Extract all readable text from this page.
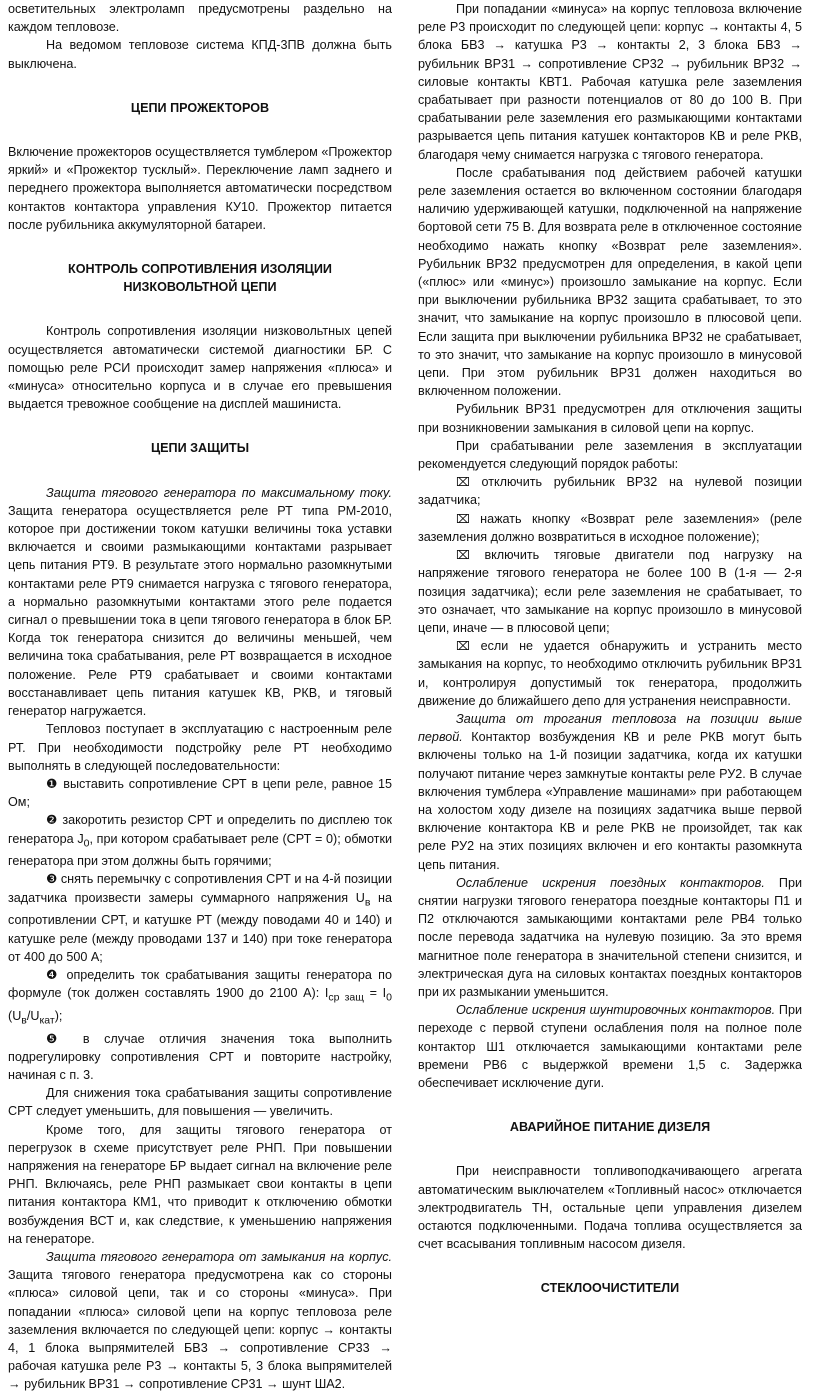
осветительных электроламп предусмотрены раздельно на каждом тепловозе.

На ведомом тепловозе система КПД-3ПВ должна быть выключена.

ЦЕПИ ПРОЖЕКТОРОВ

Включение прожекторов осуществляется тумблером «Прожектор яркий» и «Прожектор тусклый». Переключение ламп заднего и переднего прожектора выполняется автоматически посредством контактов контактора управления КУ10. Прожектор питается после рубильника аккумуляторной батареи.

КОНТРОЛЬ СОПРОТИВЛЕНИЯ ИЗОЛЯЦИИ

НИЗКОВОЛЬТНОЙ ЦЕПИ

Контроль сопротивления изоляции низковольтных цепей осуществляется автоматически системой диагностики БР. С помощью реле РСИ происходит замер напряжения «плюса» и «минуса» относительно корпуса и в случае его превышения выдается тревожное сообщение на дисплей машиниста.

ЦЕПИ ЗАЩИТЫ

Защита тягового генератора по максимальному току. Защита генератора осуществляется реле РТ типа РМ-2010, которое при достижении током катушки величины тока уставки включается и своими размыкающими контактами разрывает цепь питания РТ9. В результате этого нормально разомкнутыми контактами реле РТ9 снимается нагрузка с тягового генератора, а нормально разомкнутыми контактами этого реле подается сигнал о превышении тока в цепи тягового генератора в блок БР. Когда ток генератора снизится до величины меньшей, чем величина тока срабатывания, реле РТ возвращается в исходное положение. Реле РТ9 срабатывает и своими контактами восстанавливает цепь питания катушек КВ, РКВ, и тяговый генератор нагружается.

Тепловоз поступает в эксплуатацию с настроенным реле РТ. При необходимости подстройку реле РТ необходимо выполнять в следующей последовательности:

❶ выставить сопротивление СРТ в цепи реле, равное 15 Ом;

❷ закоротить резистор СРТ и определить по дисплею ток генератора $J_0$, при котором срабатывает реле (СРТ = 0); обмотки генератора при этом должны быть горячими;

❸ снять перемычку с сопротивления СРТ и на 4-й позиции задатчика произвести замеры суммарного напряжения $U_в$ на сопротивлении СРТ, и катушке РТ (между поводами 40 и 140) и катушке реле (между проводами 137 и 140) при токе генератора от 400 до 500 А;

❹ определить ток срабатывания защиты генератора по формуле (ток должен составлять 1900 до 2100 А): $I_{ср защ} = I_0$ $(U_в/U_{кат})$;

❺ в случае отличия значения тока выполнить подрегулировку сопротивления СРТ и повторите настройку, начиная с п. 3.

Для снижения тока срабатывания защиты сопротивление СРТ следует уменьшить, для повышения — увеличить.

Кроме того, для защиты тягового генератора от перегрузок в схеме присутствует реле РНП. При повышении напряжения на генераторе БР выдает сигнал на включение реле РНП. Включаясь, реле РНП размыкает свои контакты в цепи питания контактора КМ1, что приводит к отключению обмотки возбуждения ВСТ и, как следствие, к уменьшению напряжения на генераторе.

Защита тягового генератора от замыкания на корпус. Защита тягового генератора предусмотрена как со стороны «плюса» силовой цепи, так и со стороны «минуса». При попадании «плюса» силовой цепи на корпус тепловоза реле заземления включается по следующей цепи: корпус → контакты 4, 1 блока выпрямителей БВ3 → сопротивление СР33 → рабочая катушка реле Р3 → контакты 5, 3 блока выпрямителей → рубильник ВР31 → сопротивление СР31 → шунт ША2.

При попадании «минуса» на корпус тепловоза включение реле Р3 происходит по следующей цепи: корпус → контакты 4, 5 блока БВ3 → катушка Р3 → контакты 2, 3 блока БВ3 → рубильник ВР31 → сопротивление СР32 → рубильник ВР32 → силовые контакты КВТ1. Рабочая катушка реле заземления срабатывает при разности потенциалов от 80 до 100 В. При срабатывании реле заземления его размыкающими контактами разрывается цепь питания катушек контакторов КВ и реле РКВ, благодаря чему снимается нагрузка с тягового генератора.

После срабатывания под действием рабочей катушки реле заземления остается во включенном состоянии благодаря наличию удерживающей катушки, подключенной на напряжение бортовой сети 75 В. Для возврата реле в отключенное состояние необходимо нажать кнопку «Возврат реле заземления». Рубильник ВР32 предусмотрен для определения, в какой цепи («плюс» или «минус») произошло замыкание на корпус. Если при выключении рубильника ВР32 защита срабатывает, то это значит, что замыкание на корпус произошло в плюсовой цепи. Если защита при выключении рубильника ВР32 не срабатывает, то это значит, что замыкание на корпус произошло в минусовой цепи. При этом рубильник ВР31 должен находиться во включенном положении.

Рубильник ВР31 предусмотрен для отключения защиты при возникновении замыкания в силовой цепи на корпус.

При срабатывании реле заземления в эксплуатации рекомендуется следующий порядок работы:

⌧ отключить рубильник ВР32 на нулевой позиции задатчика;

⌧ нажать кнопку «Возврат реле заземления» (реле заземления должно возвратиться в исходное положение);

⌧ включить тяговые двигатели под нагрузку на напряжение тягового генератора не более 100 В (1-я — 2-я позиция задатчика); если реле заземления не срабатывает, то это означает, что замыкание на корпус произошло в минусовой цепи, иначе — в плюсовой цепи;

⌧ если не удается обнаружить и устранить место замыкания на корпус, то необходимо отключить рубильник ВР31 и, контролируя допустимый ток генератора, продолжить движение до ближайшего депо для устранения неисправности.

Защита от трогания тепловоза на позиции выше первой. Контактор возбуждения КВ и реле РКВ могут быть включены только на 1-й позиции задатчика, когда их катушки получают питание через замкнутые контакты реле РУ2. В случае включения тумблера «Управление машинами» при работающем на холостом ходу дизеле на позициях задатчика выше первой включение контактора КВ и реле РКВ не произойдет, так как реле РУ2 на этих позициях включен и его контакты разомкнута цепь питания.

Ослабление искрения поездных контакторов. При снятии нагрузки тягового генератора поездные контакторы П1 и П2 отключаются замыкающими контактами реле РВ4 только после перевода задатчика на нулевую позицию. За это время магнитное поле генератора в значительной степени снизится, и электрическая дуга на силовых контактах поездных контакторов при их размыкании уменьшится.

Ослабление искрения шунтировочных контакторов. При переходе с первой ступени ослабления поля на полное поле контактор Ш1 отключается замыкающими контактами реле времени РВ6 с выдержкой времени 1,5 с. Задержка обеспечивает исключение дуги.

АВАРИЙНОЕ ПИТАНИЕ ДИЗЕЛЯ

При неисправности топливоподкачивающего агрегата автоматическим выключателем «Топливный насос» отключается электродвигатель ТН, остальные цепи управления дизелем остаются подключенными. Подача топлива осуществляется за счет всасывания топливным насосом дизеля.

СТЕКЛООЧИСТИТЕЛИ
